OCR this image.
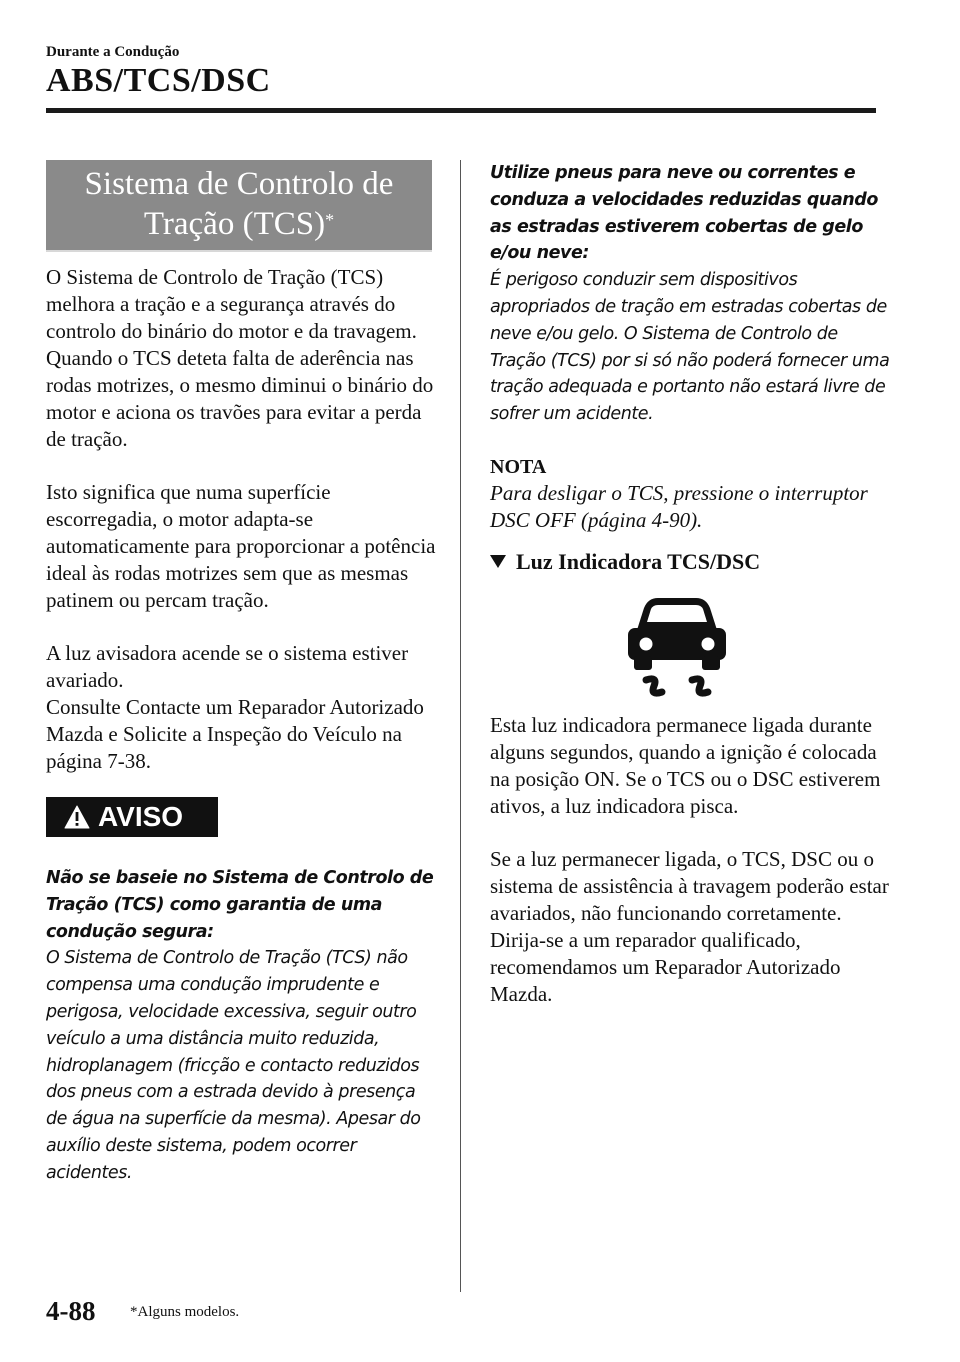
Durante a Condução
ABS/TCS/DSC
Sistema de Controlo de
Tração (TCS)*

O Sistema de Controlo de Tração (TCS) melhora a tração e a segurança através do controlo do binário do motor e da travagem. Quando o TCS deteta falta de aderência nas rodas motrizes, o mesmo diminui o binário do motor e aciona os travões para evitar a perda de tração.

Isto significa que numa superfície escorregadia, o motor adapta-se automaticamente para proporcionar a potência ideal às rodas motrizes sem que as mesmas patinem ou percam tração.

A luz avisadora acende se o sistema estiver avariado.

Consulte Contacte um Reparador Autorizado Mazda e Solicite a Inspeção do Veículo na página 7-38.

AVISO
Não se baseie no Sistema de Controlo de Tração (TCS) como garantia de uma condução segura:
O Sistema de Controlo de Tração (TCS) não compensa uma condução imprudente e perigosa, velocidade excessiva, seguir outro veículo a uma distância muito reduzida, hidroplanagem (fricção e contacto reduzidos dos pneus com a estrada devido à presença de água na superfície da mesma). Apesar do auxílio deste sistema, podem ocorrer acidentes.
Utilize pneus para neve ou correntes e conduza a velocidades reduzidas quando as estradas estiverem cobertas de gelo e/ou neve:
É perigoso conduzir sem dispositivos apropriados de tração em estradas cobertas de neve e/ou gelo. O Sistema de Controlo de Tração (TCS) por si só não poderá fornecer uma tração adequada e portanto não estará livre de sofrer um acidente.
NOTA
Para desligar o TCS, pressione o interruptor DSC OFF (página 4-90).
Luz Indicadora TCS/DSC

Esta luz indicadora permanece ligada durante alguns segundos, quando a ignição é colocada na posição ON. Se o TCS ou o DSC estiverem ativos, a luz indicadora pisca.

Se a luz permanecer ligada, o TCS, DSC ou o sistema de assistência à travagem poderão estar avariados, não funcionando corretamente. Dirija-se a um reparador qualificado, recomendamos um Reparador Autorizado Mazda.

4-88 *Alguns modelos.
